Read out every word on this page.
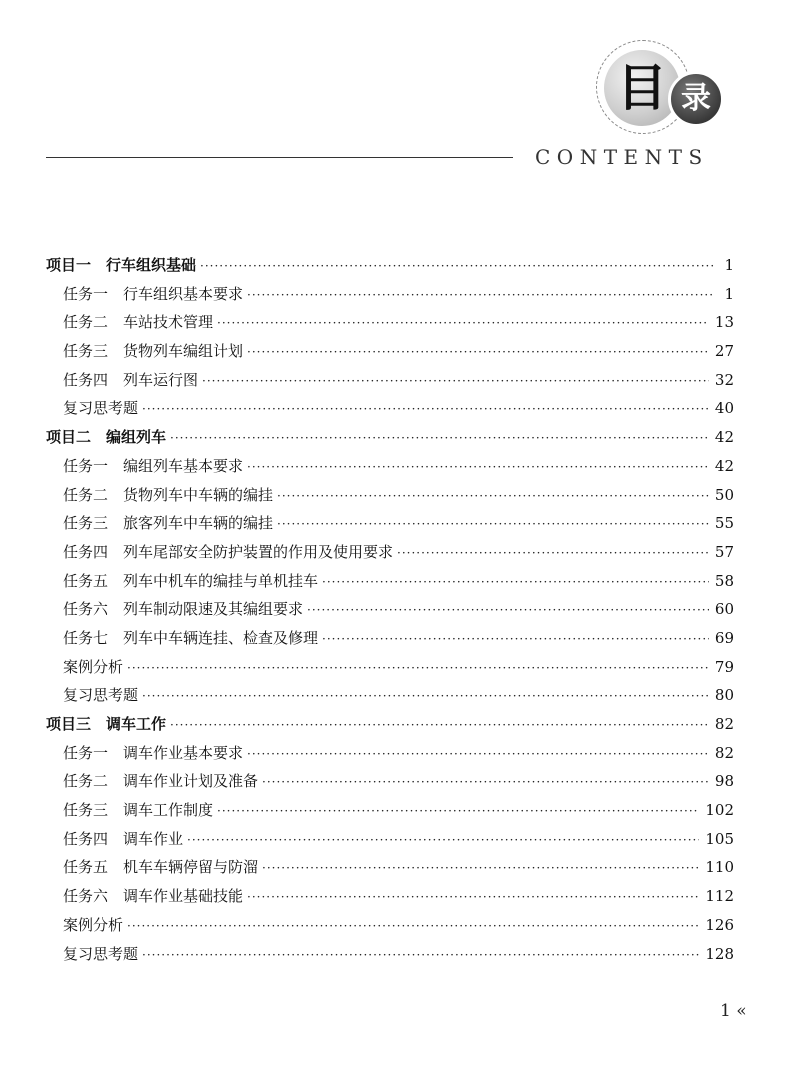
目 录
CONTENTS
项目一　行车组织基础 ·····	1
任务一　行车组织基本要求 ·····	1
任务二　车站技术管理 ·····	13
任务三　货物列车编组计划 ·····	27
任务四　列车运行图 ·····	32
复习思考题 ·····	40
项目二　编组列车 ·····	42
任务一　编组列车基本要求 ·····	42
任务二　货物列车中车辆的编挂 ·····	50
任务三　旅客列车中车辆的编挂 ·····	55
任务四　列车尾部安全防护装置的作用及使用要求 ·····	57
任务五　列车中机车的编挂与单机挂车 ·····	58
任务六　列车制动限速及其编组要求 ·····	60
任务七　列车中车辆连挂、检查及修理 ·····	69
案例分析 ·····	79
复习思考题 ·····	80
项目三　调车工作 ·····	82
任务一　调车作业基本要求 ·····	82
任务二　调车作业计划及准备 ·····	98
任务三　调车工作制度 ·····	102
任务四　调车作业 ·····	105
任务五　机车车辆停留与防溜 ·····	110
任务六　调车作业基础技能 ·····	112
案例分析 ·····	126
复习思考题 ·····	128
1 «
